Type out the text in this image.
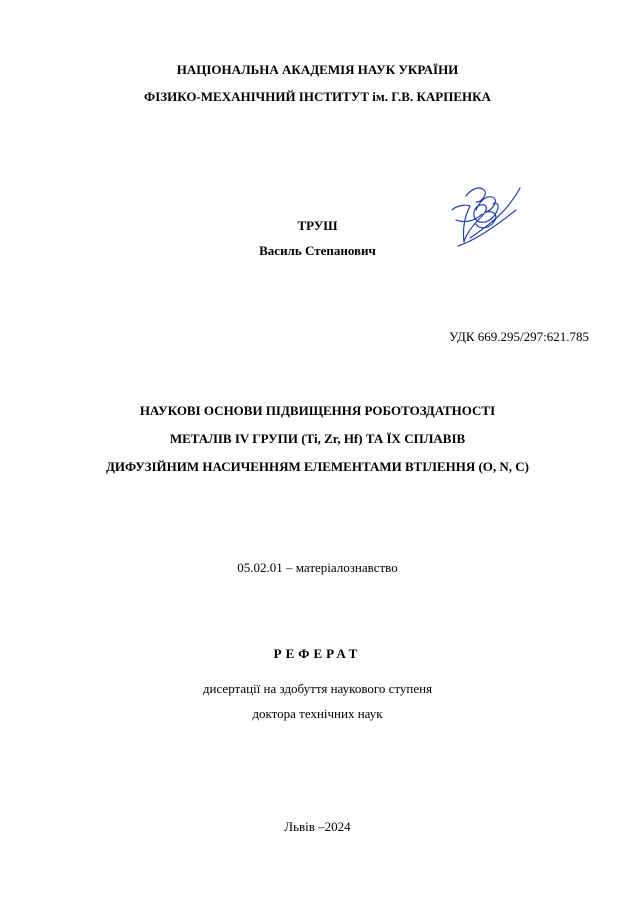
НАЦІОНАЛЬНА АКАДЕМІЯ НАУК УКРАЇНИ
ФІЗИКО-МЕХАНІЧНИЙ ІНСТИТУТ ім. Г.В. КАРПЕНКА
ТРУШ
Василь Степанович
УДК 669.295/297:621.785
НАУКОВІ ОСНОВИ ПІДВИЩЕННЯ РОБОТОЗДАТНОСТІ
МЕТАЛІВ IV ГРУПИ (Ti, Zr, Hf) ТА ЇХ СПЛАВІВ
ДИФУЗІЙНИМ НАСИЧЕННЯМ ЕЛЕМЕНТАМИ ВТІЛЕННЯ (O, N, C)
05.02.01 – матеріалознавство
РЕФЕРАТ
дисертації на здобуття наукового ступеня
доктора технічних наук
Львів –2024
